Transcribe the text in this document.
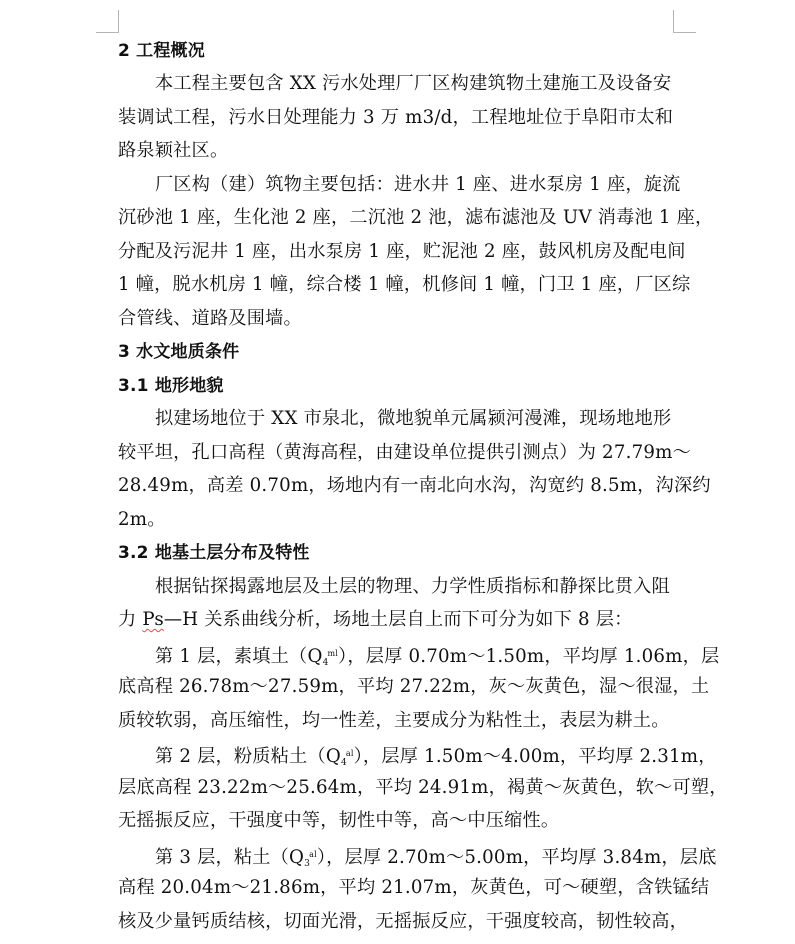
2 工程概况
本工程主要包含 XX 污水处理厂厂区构建筑物土建施工及设备安
装调试工程，污水日处理能力 3 万 m3/d，工程地址位于阜阳市太和
路泉颖社区。
厂区构（建）筑物主要包括：进水井 1 座、进水泵房 1 座，旋流
沉砂池 1 座，生化池 2 座，二沉池 2 池，滤布滤池及 UV 消毒池 1 座，
分配及污泥井 1 座，出水泵房 1 座，贮泥池 2 座，鼓风机房及配电间
1 幢，脱水机房 1 幢，综合楼 1 幢，机修间 1 幢，门卫 1 座，厂区综
合管线、道路及围墙。
3 水文地质条件
3.1 地形地貌
拟建场地位于 XX 市泉北，微地貌单元属颍河漫滩，现场地地形
较平坦，孔口高程（黄海高程，由建设单位提供引测点）为 27.79m～
28.49m，高差 0.70m，场地内有一南北向水沟，沟宽约 8.5m，沟深约
2m。
3.2 地基土层分布及特性
根据钻探揭露地层及土层的物理、力学性质指标和静探比贯入阻
力 Ps—H 关系曲线分析，场地土层自上而下可分为如下 8 层：
第 1 层，素填土$(Q_4^{ml})$，层厚 0.70m～1.50m，平均厚 1.06m，层
底高程 26.78m～27.59m，平均 27.22m，灰～灰黄色，湿～很湿，土
质较软弱，高压缩性，均一性差，主要成分为粘性土，表层为耕土。
第 2 层，粉质粘土$(Q_4^{al})$，层厚 1.50m～4.00m，平均厚 2.31m，
层底高程 23.22m～25.64m，平均 24.91m，褐黄～灰黄色，软～可塑，
无摇振反应，干强度中等，韧性中等，高～中压缩性。
第 3 层，粘土$(Q_3^{al})$，层厚 2.70m～5.00m，平均厚 3.84m，层底
高程 20.04m～21.86m，平均 21.07m，灰黄色，可～硬塑，含铁锰结
核及少量钙质结核，切面光滑，无摇振反应，干强度较高，韧性较高，
